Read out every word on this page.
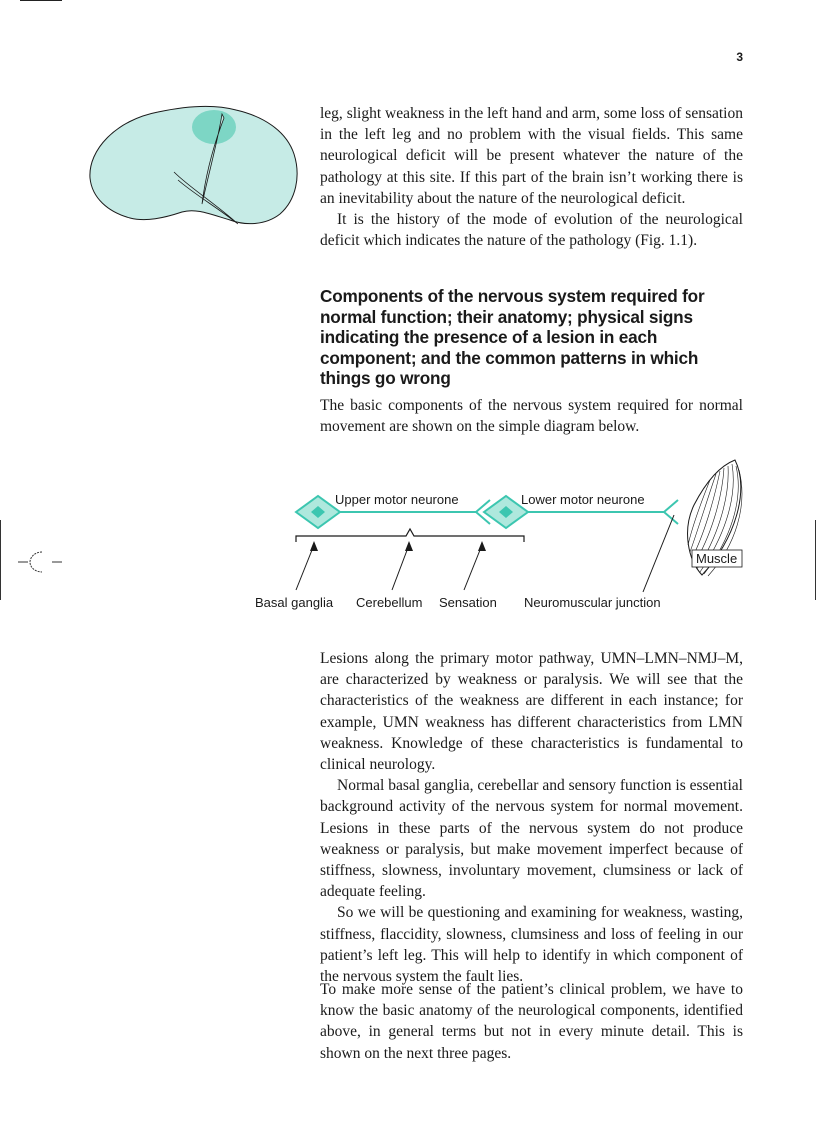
3

leg, slight weakness in the left hand and arm, some loss of sensation in the left leg and no problem with the visual fields. This same neurological deficit will be present whatever the nature of the pathology at this site. If this part of the brain isn’t working there is an inevitability about the nature of the neurological deficit.

It is the history of the mode of evolution of the neurological deficit which indicates the nature of the pathology (Fig. 1.1).

Components of the nervous system required for normal function; their anatomy; physical signs indicating the presence of a lesion in each component; and the common patterns in which things go wrong

The basic components of the nervous system required for normal movement are shown on the simple diagram below.

Upper motor neurone	Lower motor neurone
Muscle
Basal ganglia Cerebellum Sensation Neuromuscular junction

Lesions along the primary motor pathway, UMN–LMN–NMJ–M, are characterized by weakness or paralysis. We will see that the characteristics of the weakness are different in each instance; for example, UMN weakness has different characteristics from LMN weakness. Knowledge of these characteristics is fundamental to clinical neurology.

Normal basal ganglia, cerebellar and sensory function is essential background activity of the nervous system for normal movement. Lesions in these parts of the nervous system do not produce weakness or paralysis, but make movement imperfect because of stiffness, slowness, involuntary movement, clumsiness or lack of adequate feeling.

So we will be questioning and examining for weakness, wasting, stiffness, flaccidity, slowness, clumsiness and loss of feeling in our patient’s left leg. This will help to identify in which component of the nervous system the fault lies.

To make more sense of the patient’s clinical problem, we have to know the basic anatomy of the neurological components, identified above, in general terms but not in every minute detail. This is shown on the next three pages.
